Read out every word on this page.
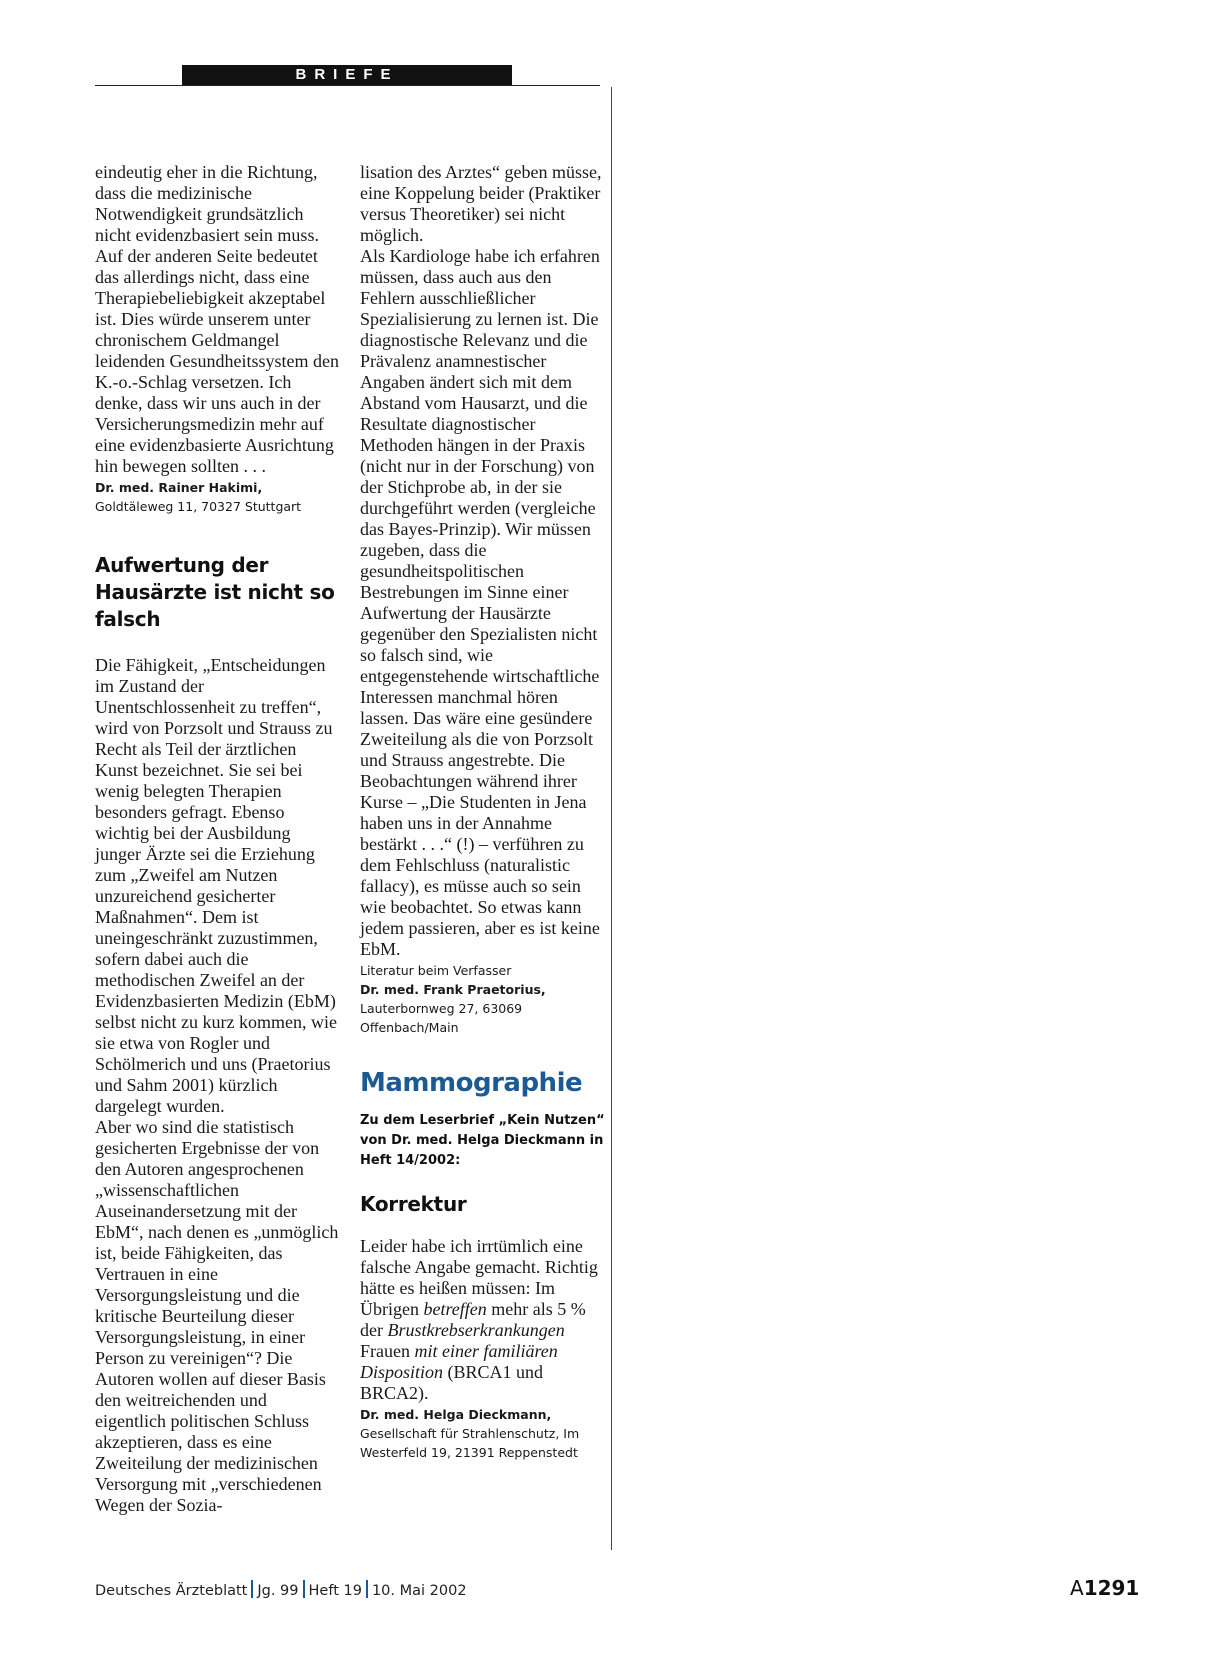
BRIEFE

eindeutig eher in die Richtung, dass die medizinische Notwendigkeit grundsätzlich nicht evidenzbasiert sein muss. Auf der anderen Seite bedeutet das allerdings nicht, dass eine Therapiebeliebigkeit akzeptabel ist. Dies würde unserem unter chronischem Geldmangel leidenden Gesundheitssystem den K.-o.-Schlag versetzen. Ich denke, dass wir uns auch in der Versicherungsmedizin mehr auf eine evidenzbasierte Ausrichtung hin bewegen sollten . . .

Dr. med. Rainer Hakimi, Goldtäleweg 11, 70327 Stuttgart
Aufwertung der Hausärzte ist nicht so falsch

Die Fähigkeit, „Entscheidungen im Zustand der Unentschlossenheit zu treffen“, wird von Porzsolt und Strauss zu Recht als Teil der ärztlichen Kunst bezeichnet. Sie sei bei wenig belegten Therapien besonders gefragt. Ebenso wichtig bei der Ausbildung junger Ärzte sei die Erziehung zum „Zweifel am Nutzen unzureichend gesicherter Maßnahmen“. Dem ist uneingeschränkt zuzustimmen, sofern dabei auch die methodischen Zweifel an der Evidenzbasierten Medizin (EbM) selbst nicht zu kurz kommen, wie sie etwa von Rogler und Schölmerich und uns (Praetorius und Sahm 2001) kürzlich dargelegt wurden.

Aber wo sind die statistisch gesicherten Ergebnisse der von den Autoren angesprochenen „wissenschaftlichen Auseinandersetzung mit der EbM“, nach denen es „unmöglich ist, beide Fähigkeiten, das Vertrauen in eine Versorgungsleistung und die kritische Beurteilung dieser Versorgungsleistung, in einer Person zu vereinigen“? Die Autoren wollen auf dieser Basis den weitreichenden und eigentlich politischen Schluss akzeptieren, dass es eine Zweiteilung der medizinischen Versorgung mit „verschiedenen Wegen der Sozia-

lisation des Arztes“ geben müsse, eine Koppelung beider (Praktiker versus Theoretiker) sei nicht möglich.

Als Kardiologe habe ich erfahren müssen, dass auch aus den Fehlern ausschließlicher Spezialisierung zu lernen ist. Die diagnostische Relevanz und die Prävalenz anamnestischer Angaben ändert sich mit dem Abstand vom Hausarzt, und die Resultate diagnostischer Methoden hängen in der Praxis (nicht nur in der Forschung) von der Stichprobe ab, in der sie durchgeführt werden (vergleiche das Bayes-Prinzip). Wir müssen zugeben, dass die gesundheitspolitischen Bestrebungen im Sinne einer Aufwertung der Hausärzte gegenüber den Spezialisten nicht so falsch sind, wie entgegenstehende wirtschaftliche Interessen manchmal hören lassen. Das wäre eine gesündere Zweiteilung als die von Porzsolt und Strauss angestrebte. Die Beobachtungen während ihrer Kurse – „Die Studenten in Jena haben uns in der Annahme bestärkt . . .“ (!) – verführen zu dem Fehlschluss (naturalistic fallacy), es müsse auch so sein wie beobachtet. So etwas kann jedem passieren, aber es ist keine EbM.

Literatur beim Verfasser
Dr. med. Frank Praetorius,
Lauterbornweg 27, 63069 Offenbach/Main
Mammographie

Zu dem Leserbrief „Kein Nutzen“ von Dr. med. Helga Dieckmann in Heft 14/2002:

Korrektur

Leider habe ich irrtümlich eine falsche Angabe gemacht. Richtig hätte es heißen müssen: Im Übrigen betreffen mehr als 5 % der Brustkrebserkrankungen Frauen mit einer familiären Disposition (BRCA1 und BRCA2).

Dr. med. Helga Dieckmann,
Gesellschaft für Strahlenschutz, Im Westerfeld 19, 21391 Reppenstedt
Deutsches Ärzteblatt Jg. 99 Heft 19 10. Mai 2002	A1291
